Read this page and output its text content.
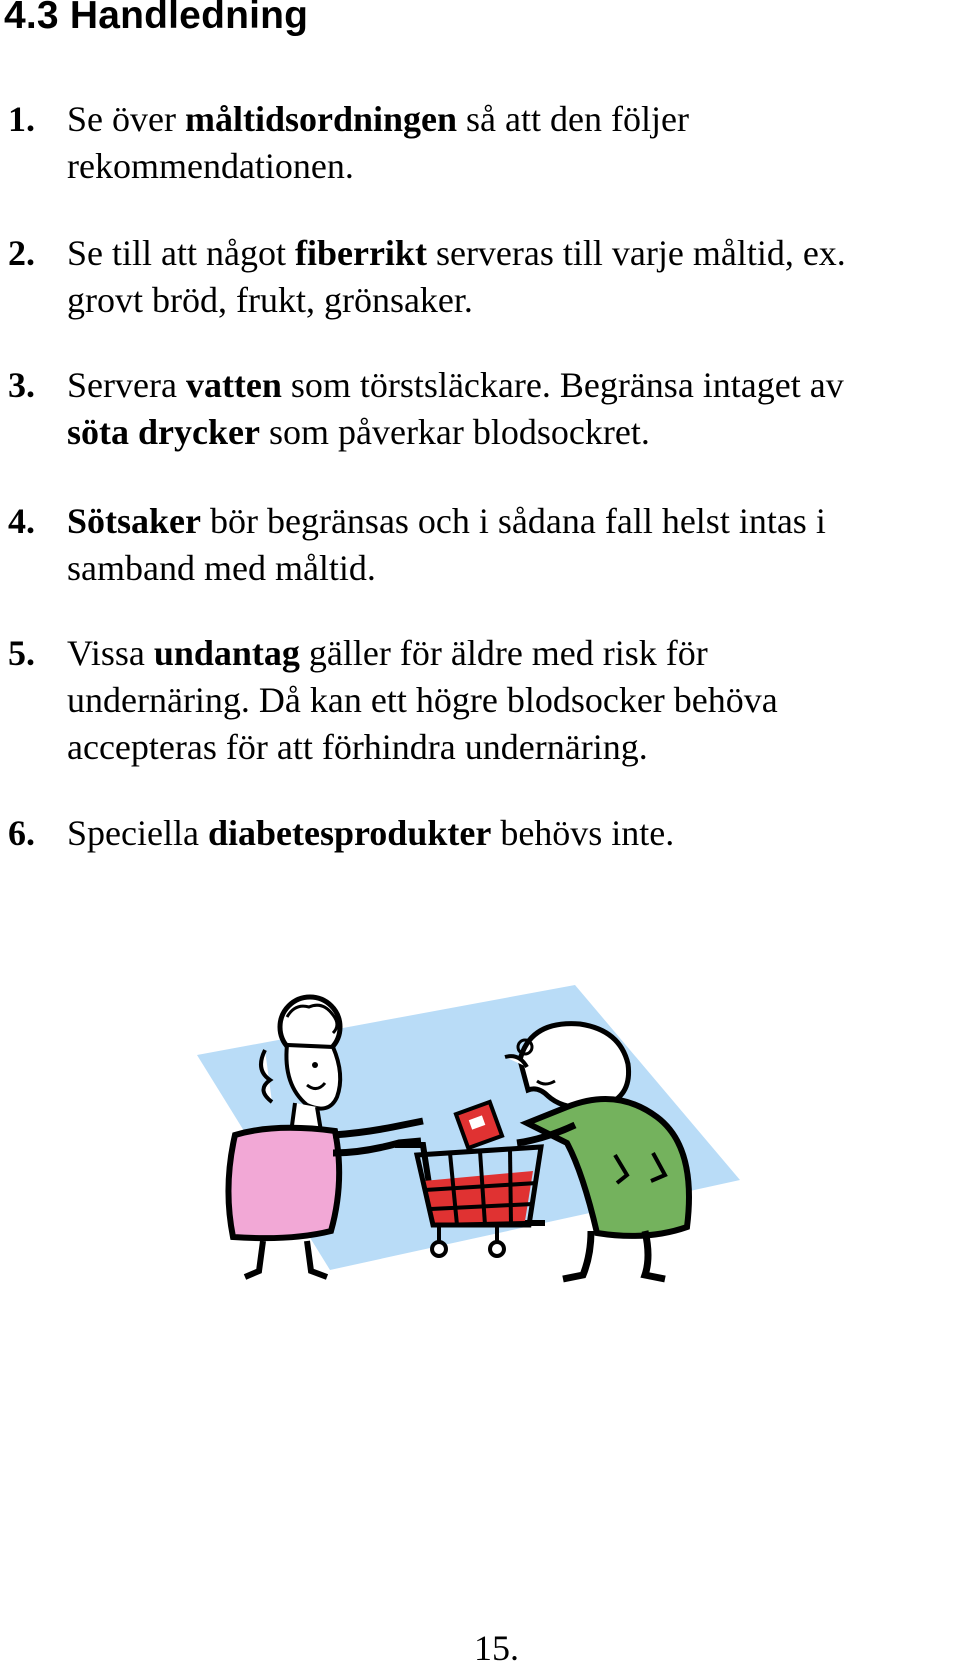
4.3 Handledning
1. Se över måltidsordningen så att den följer
rekommendationen.
2. Se till att något fiberrikt serveras till varje måltid, ex.
grovt bröd, frukt, grönsaker.
3. Servera vatten som törstsläckare. Begränsa intaget av
söta drycker som påverkar blodsockret.
4. Sötsaker bör begränsas och i sådana fall helst intas i
samband med måltid.
5. Vissa undantag gäller för äldre med risk för
undernäring. Då kan ett högre blodsocker behöva
accepteras för att förhindra undernäring.
6. Speciella diabetesprodukter behövs inte.
15.
